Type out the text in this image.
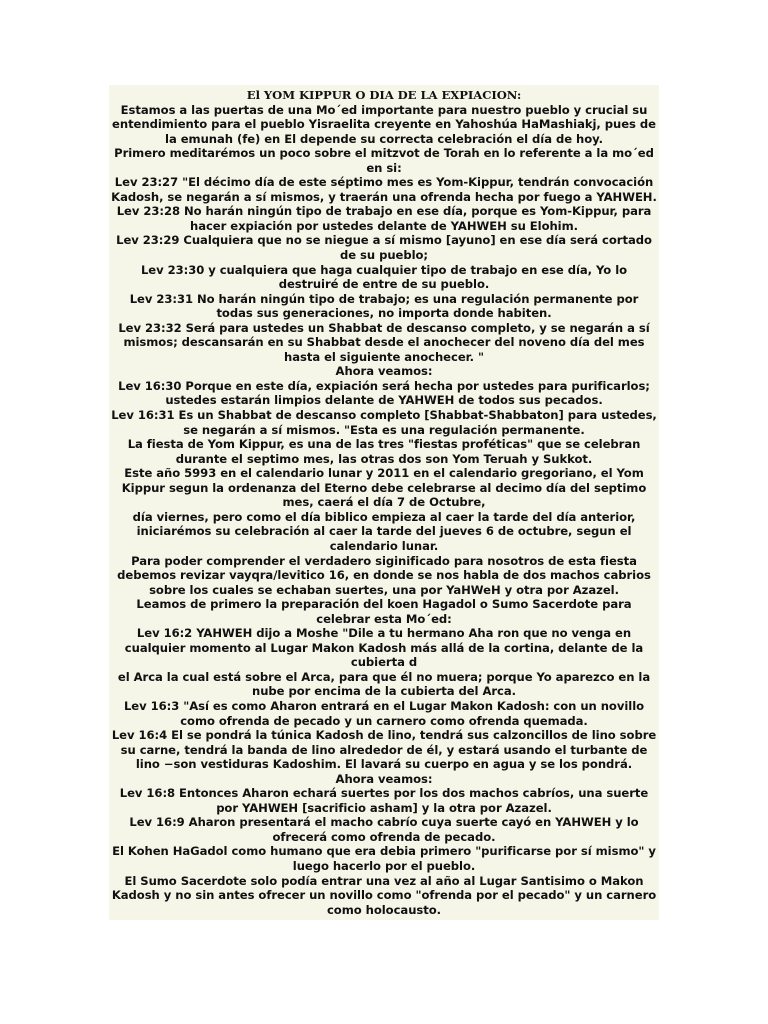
El YOM KIPPUR O DIA DE LA EXPIACION:

Estamos a las puertas de una Mo´ed importante para nuestro pueblo y crucial su entendimiento para el pueblo Yisraelita creyente en Yahoshúa HaMashiakj, pues de la emunah (fe) en El depende su correcta celebración el día de hoy.

Primero meditarémos un poco sobre el mitzvot de Torah en lo referente a la mo´ed en si:

Lev 23:27 "El décimo día de este séptimo mes es Yom-Kippur, tendrán convocación Kadosh, se negarán a sí mismos, y traerán una ofrenda hecha por fuego a YAHWEH.

Lev 23:28 No harán ningún tipo de trabajo en ese día, porque es Yom-Kippur, para hacer expiación por ustedes delante de YAHWEH su Elohim.

Lev 23:29 Cualquiera que no se niegue a sí mismo [ayuno] en ese día será cortado de su pueblo;

Lev 23:30 y cualquiera que haga cualquier tipo de trabajo en ese día, Yo lo destruiré de entre de su pueblo.

Lev 23:31 No harán ningún tipo de trabajo; es una regulación permanente por todas sus generaciones, no importa donde habiten.

Lev 23:32 Será para ustedes un Shabbat de descanso completo, y se negarán a sí mismos; descansarán en su Shabbat desde el anochecer del noveno día del mes hasta el siguiente anochecer. "

Ahora veamos:

Lev 16:30 Porque en este día, expiación será hecha por ustedes para purificarlos; ustedes estarán limpios delante de YAHWEH de todos sus pecados.

Lev 16:31 Es un Shabbat de descanso completo [Shabbat-Shabbaton] para ustedes, se negarán a sí mismos. "Esta es una regulación permanente.

La fiesta de Yom Kippur, es una de las tres "fiestas proféticas" que se celebran durante el septimo mes, las otras dos son Yom Teruah y Sukkot.

Este año 5993 en el calendario lunar y 2011 en el calendario gregoriano, el Yom Kippur segun la ordenanza del Eterno debe celebrarse al decimo día del septimo mes, caerá el día 7 de Octubre,

día viernes, pero como el día biblico empieza al caer la tarde del día anterior, iniciarémos su celebración al caer la tarde del jueves 6 de octubre, segun el calendario lunar.

Para poder comprender el verdadero siginificado para nosotros de esta fiesta debemos revizar vayqra/levitico 16, en donde se nos habla de dos machos cabrios sobre los cuales se echaban suertes, una por YaHWeH y otra por Azazel.

Leamos de primero la preparación del koen Hagadol o Sumo Sacerdote para celebrar esta Mo´ed:

Lev 16:2 YAHWEH dijo a Moshe "Dile a tu hermano Aha ron que no venga en cualquier momento al Lugar Makon Kadosh más allá de la cortina, delante de la cubierta d

el Arca la cual está sobre el Arca, para que él no muera; porque Yo aparezco en la nube por encima de la cubierta del Arca.

Lev 16:3 "Así es como Aharon entrará en el Lugar Makon Kadosh: con un novillo como ofrenda de pecado y un carnero como ofrenda quemada.

Lev 16:4 El se pondrá la túnica Kadosh de lino, tendrá sus calzoncillos de lino sobre su carne, tendrá la banda de lino alrededor de él, y estará usando el turbante de lino −son vestiduras Kadoshim. El lavará su cuerpo en agua y se los pondrá.

Ahora veamos:

Lev 16:8 Entonces Aharon echará suertes por los dos machos cabríos, una suerte por YAHWEH [sacrificio asham] y la otra por Azazel.

Lev 16:9 Aharon presentará el macho cabrío cuya suerte cayó en YAHWEH y lo ofrecerá como ofrenda de pecado.

El Kohen HaGadol como humano que era debia primero "purificarse por sí mismo" y luego hacerlo por el pueblo.

El Sumo Sacerdote solo podía entrar una vez al año al Lugar Santisimo o Makon Kadosh y no sin antes ofrecer un novillo como "ofrenda por el pecado" y un carnero como holocausto.
